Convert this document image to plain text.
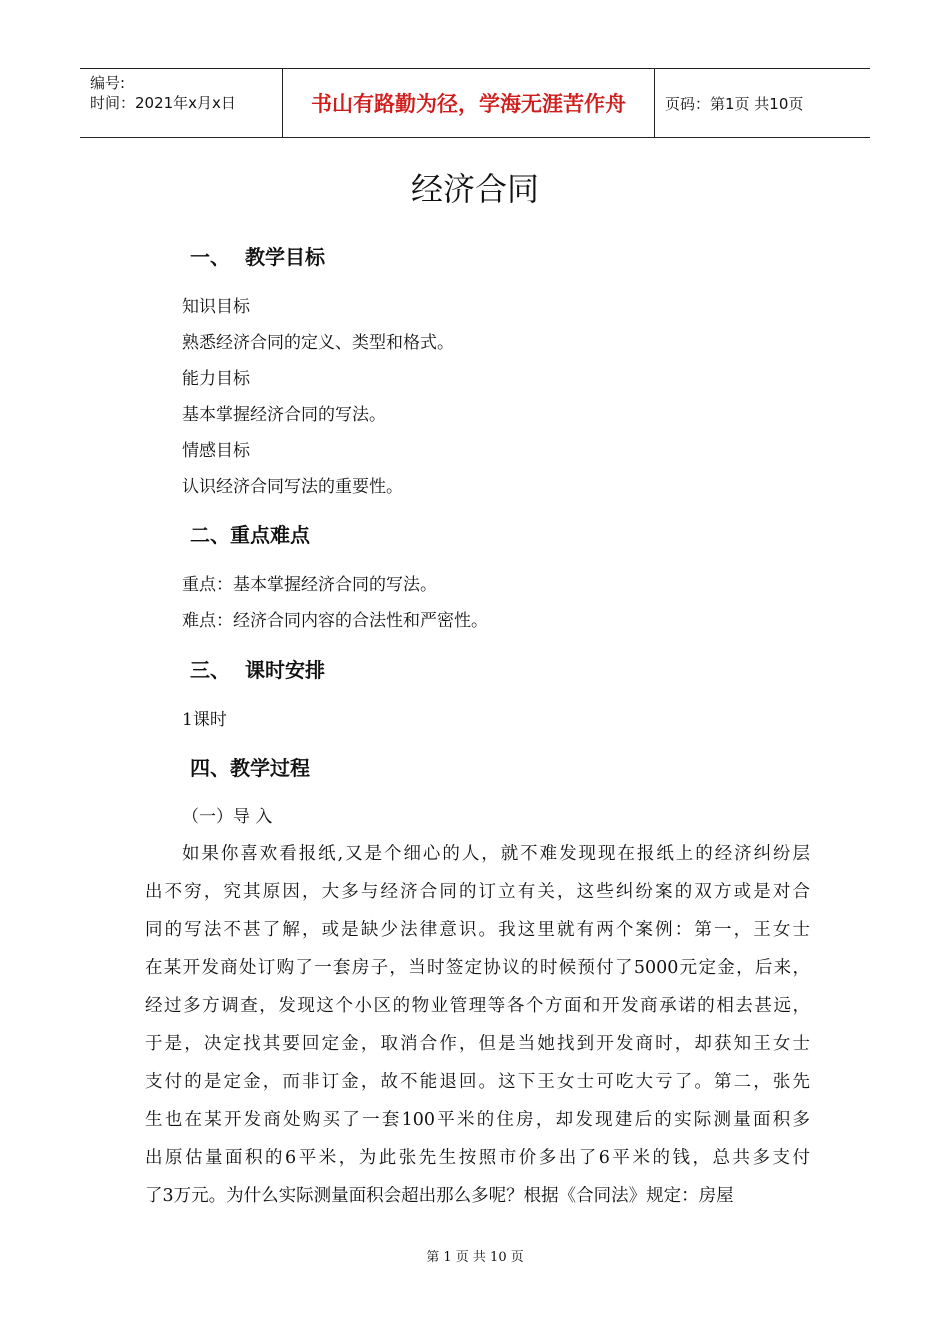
编号:
时间：2021年x月x日	书山有路勤为径，学海无涯苦作舟	页码：第1页 共10页
经济合同
一、 教学目标
知识目标
熟悉经济合同的定义、类型和格式。
能力目标
基本掌握经济合同的写法。
情感目标
认识经济合同写法的重要性。
二、重点难点
重点：基本掌握经济合同的写法。
难点：经济合同内容的合法性和严密性。
三、 课时安排
1课时
四、教学过程
（一）导 入
如果你喜欢看报纸,又是个细心的人，就不难发现现在报纸上的经济纠纷层
出不穷，究其原因，大多与经济合同的订立有关，这些纠纷案的双方或是对合
同的写法不甚了解，或是缺少法律意识。我这里就有两个案例：第一，王女士
在某开发商处订购了一套房子，当时签定协议的时候预付了5000元定金，后来，
经过多方调查，发现这个小区的物业管理等各个方面和开发商承诺的相去甚远，
于是，决定找其要回定金，取消合作，但是当她找到开发商时，却获知王女士
支付的是定金，而非订金，故不能退回。这下王女士可吃大亏了。第二，张先
生也在某开发商处购买了一套100平米的住房，却发现建后的实际测量面积多
出原估量面积的6平米，为此张先生按照市价多出了6平米的钱，总共多支付
了3万元。为什么实际测量面积会超出那么多呢？根据《合同法》规定：房屋
第 1 页 共 10 页
